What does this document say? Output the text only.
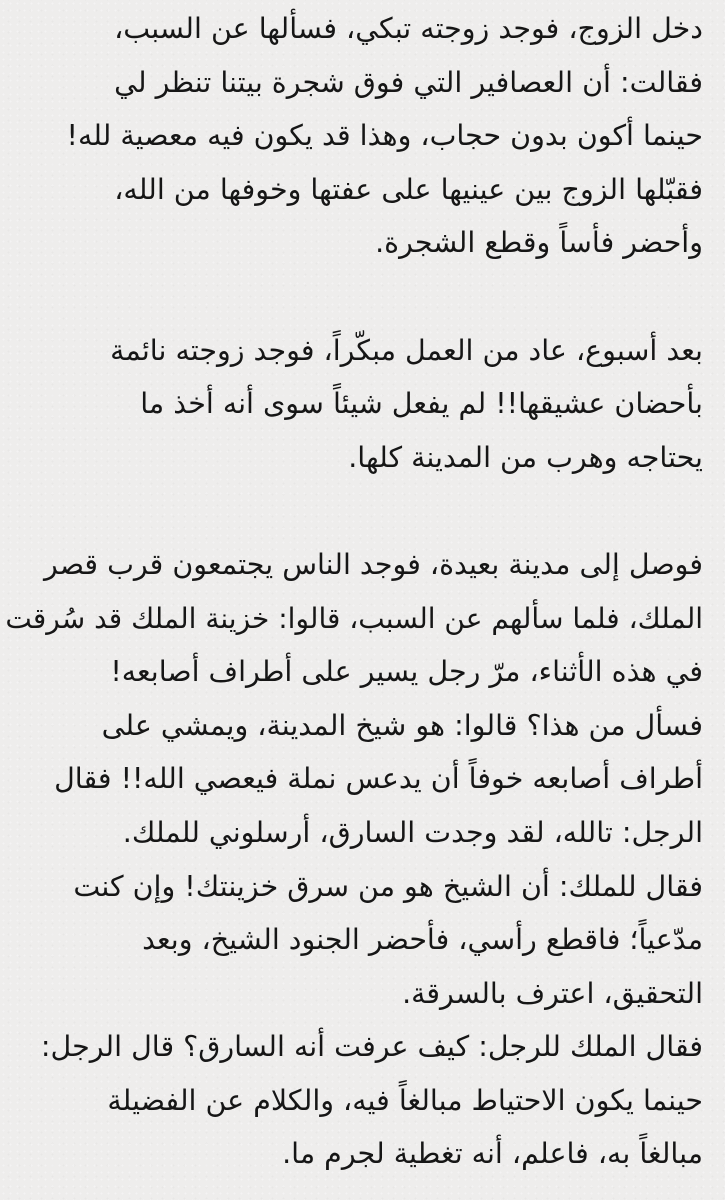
دخل الزوج، فوجد زوجته تبكي، فسألها عن السبب،
فقالت: أن العصافير التي فوق شجرة بيتنا تنظر لي
حينما أكون بدون حجاب، وهذا قد يكون فيه معصية لله!
فقبّلها الزوج بين عينيها على عفتها وخوفها من الله،
وأحضر فأساً وقطع الشجرة.
بعد أسبوع، عاد من العمل مبكّراً، فوجد زوجته نائمة
بأحضان عشيقها!! لم يفعل شيئاً سوى أنه أخذ ما
يحتاجه وهرب من المدينة كلها.
فوصل إلى مدينة بعيدة، فوجد الناس يجتمعون قرب قصر
الملك، فلما سألهم عن السبب، قالوا: خزينة الملك قد سُرقت
في هذه الأثناء، مرّ رجل يسير على أطراف أصابعه!
فسأل من هذا؟ قالوا: هو شيخ المدينة، ويمشي على
أطراف أصابعه خوفاً أن يدعس نملة فيعصي الله!! فقال
الرجل: تالله، لقد وجدت السارق، أرسلوني للملك.
فقال للملك: أن الشيخ هو من سرق خزينتك! وإن كنت
مدّعياً؛ فاقطع رأسي، فأحضر الجنود الشيخ، وبعد
التحقيق، اعترف بالسرقة.
فقال الملك للرجل: كيف عرفت أنه السارق؟ قال الرجل:
حينما يكون الاحتياط مبالغاً فيه، والكلام عن الفضيلة
مبالغاً به، فاعلم، أنه تغطية لجرم ما.
